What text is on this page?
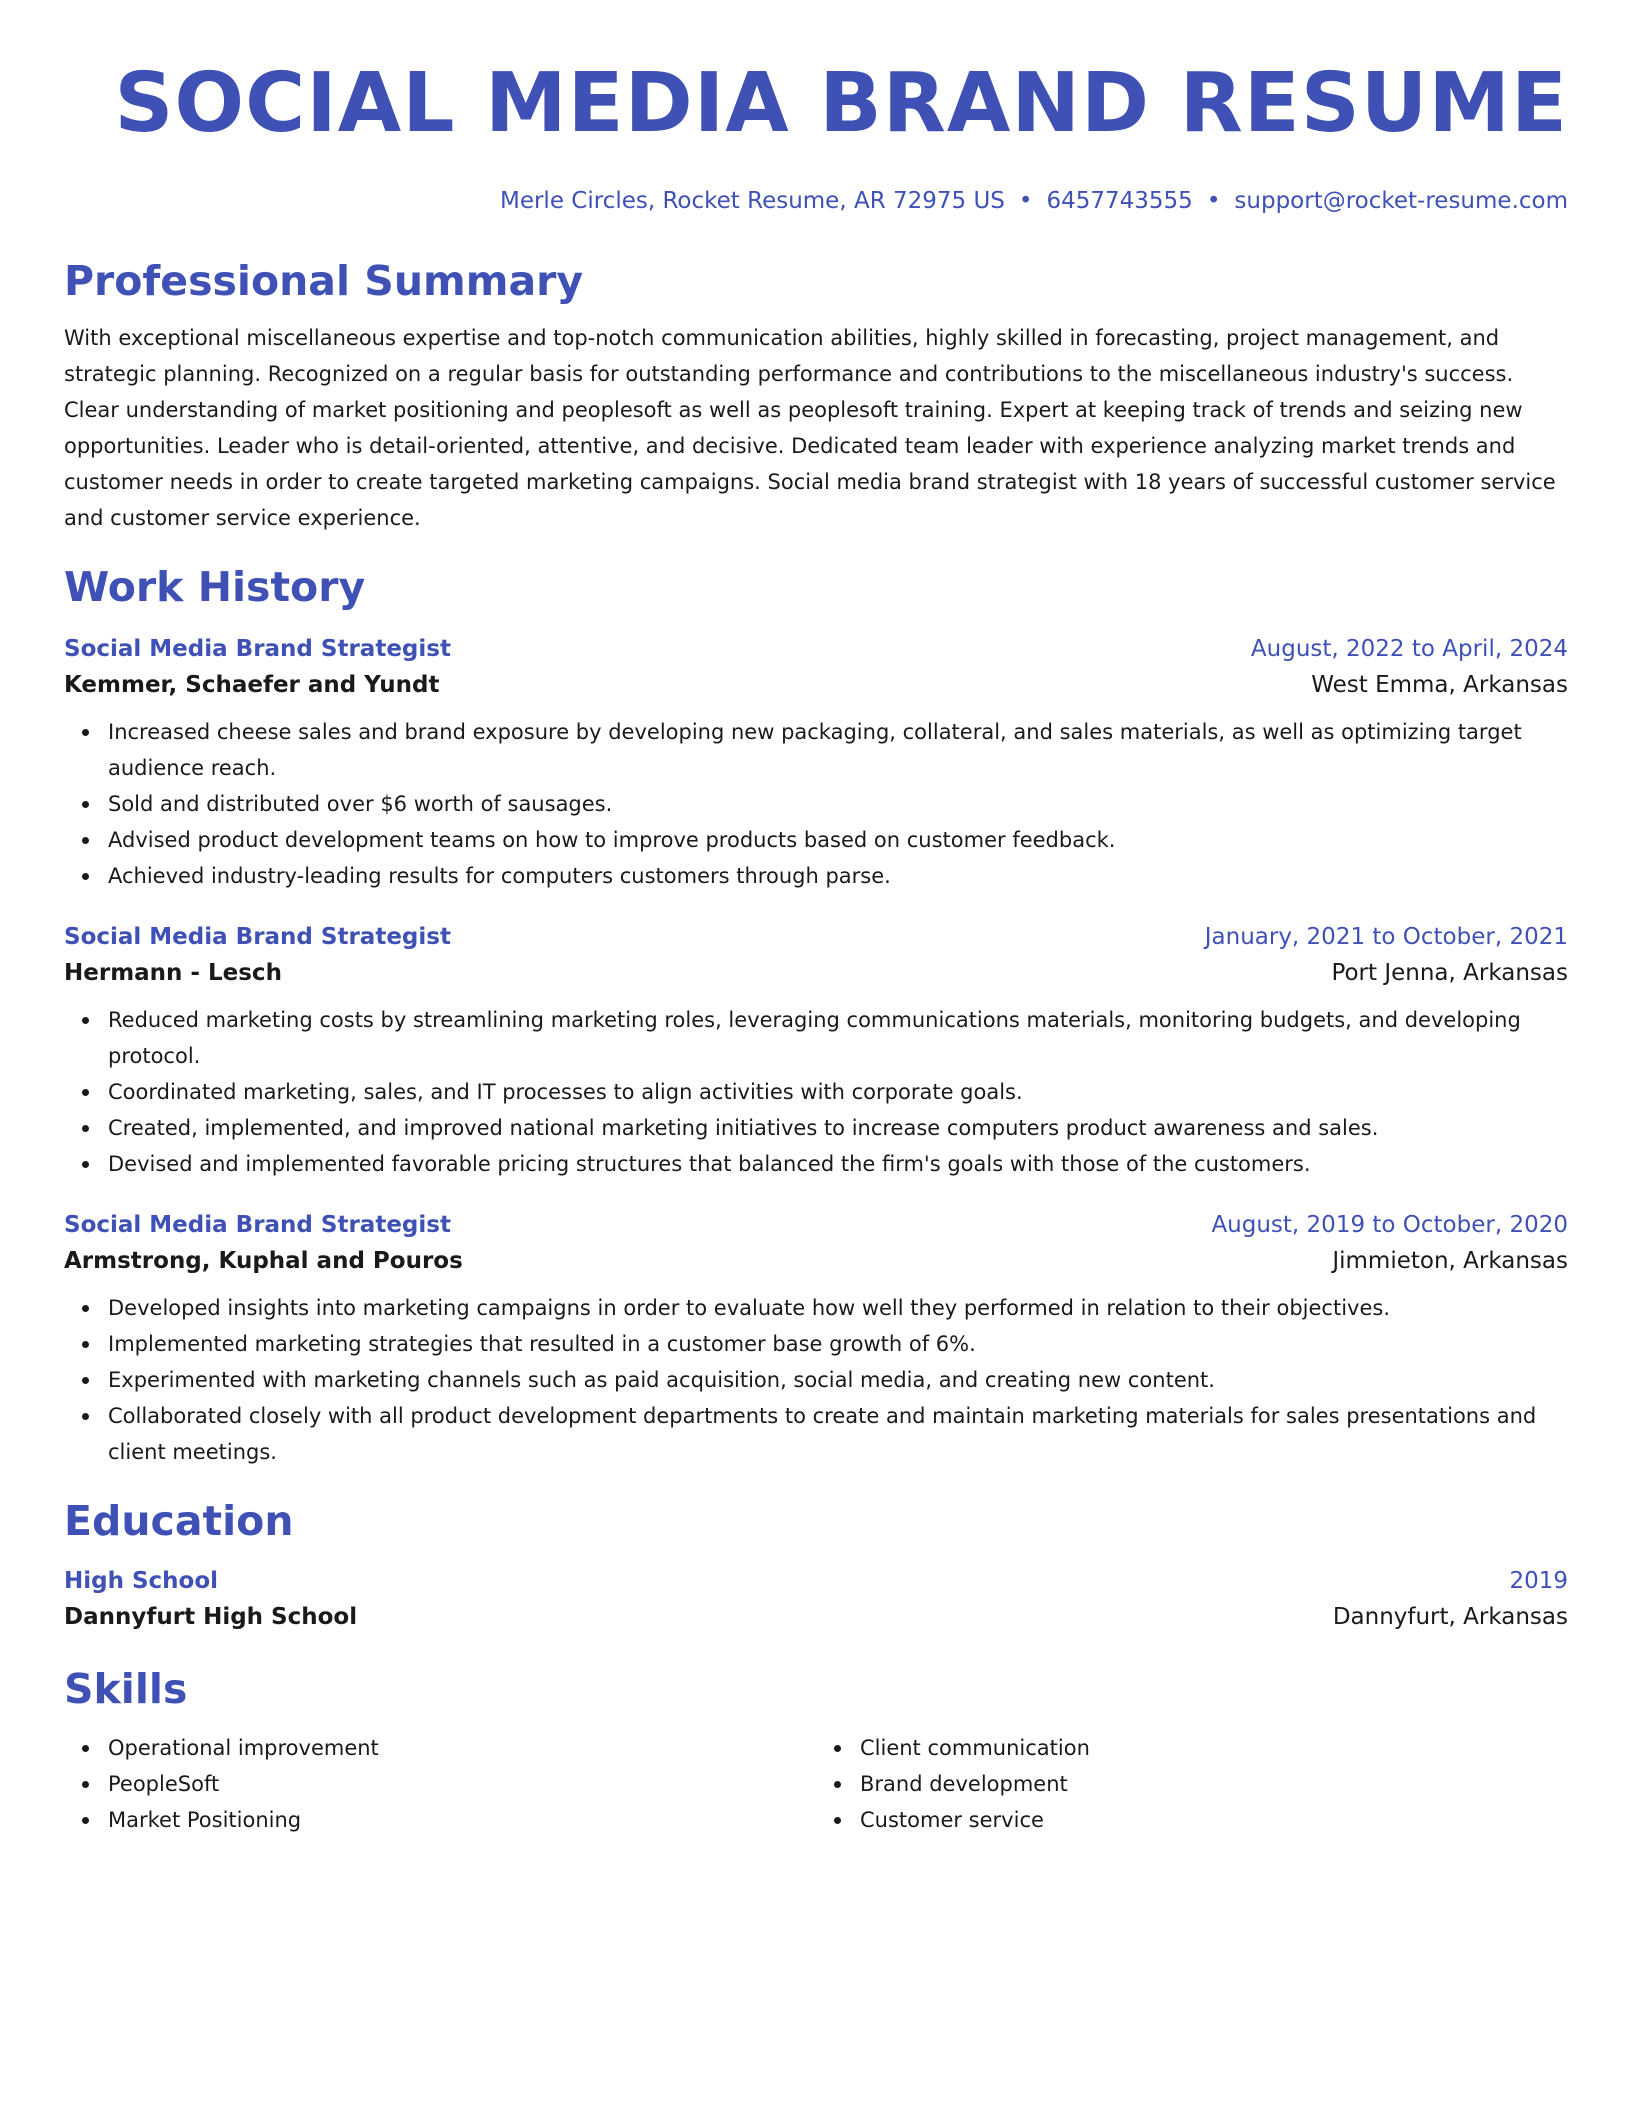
SOCIAL MEDIA BRAND RESUME
Merle Circles, Rocket Resume, AR 72975 US • 6457743555 • support@rocket-resume.com
Professional Summary
With exceptional miscellaneous expertise and top-notch communication abilities, highly skilled in forecasting, project management, and strategic planning. Recognized on a regular basis for outstanding performance and contributions to the miscellaneous industry's success. Clear understanding of market positioning and peoplesoft as well as peoplesoft training. Expert at keeping track of trends and seizing new opportunities. Leader who is detail-oriented, attentive, and decisive. Dedicated team leader with experience analyzing market trends and customer needs in order to create targeted marketing campaigns. Social media brand strategist with 18 years of successful customer service and customer service experience.
Work History
Social Media Brand Strategist	August, 2022 to April, 2024
Kemmer, Schaefer and Yundt	West Emma, Arkansas
Increased cheese sales and brand exposure by developing new packaging, collateral, and sales materials, as well as optimizing target audience reach.
Sold and distributed over $6 worth of sausages.
Advised product development teams on how to improve products based on customer feedback.
Achieved industry-leading results for computers customers through parse.
Social Media Brand Strategist	January, 2021 to October, 2021
Hermann - Lesch	Port Jenna, Arkansas
Reduced marketing costs by streamlining marketing roles, leveraging communications materials, monitoring budgets, and developing protocol.
Coordinated marketing, sales, and IT processes to align activities with corporate goals.
Created, implemented, and improved national marketing initiatives to increase computers product awareness and sales.
Devised and implemented favorable pricing structures that balanced the firm's goals with those of the customers.
Social Media Brand Strategist	August, 2019 to October, 2020
Armstrong, Kuphal and Pouros	Jimmieton, Arkansas
Developed insights into marketing campaigns in order to evaluate how well they performed in relation to their objectives.
Implemented marketing strategies that resulted in a customer base growth of 6%.
Experimented with marketing channels such as paid acquisition, social media, and creating new content.
Collaborated closely with all product development departments to create and maintain marketing materials for sales presentations and client meetings.
Education
High School	2019
Dannyfurt High School	Dannyfurt, Arkansas
Skills
Operational improvement
PeopleSoft
Market Positioning
Client communication
Brand development
Customer service
